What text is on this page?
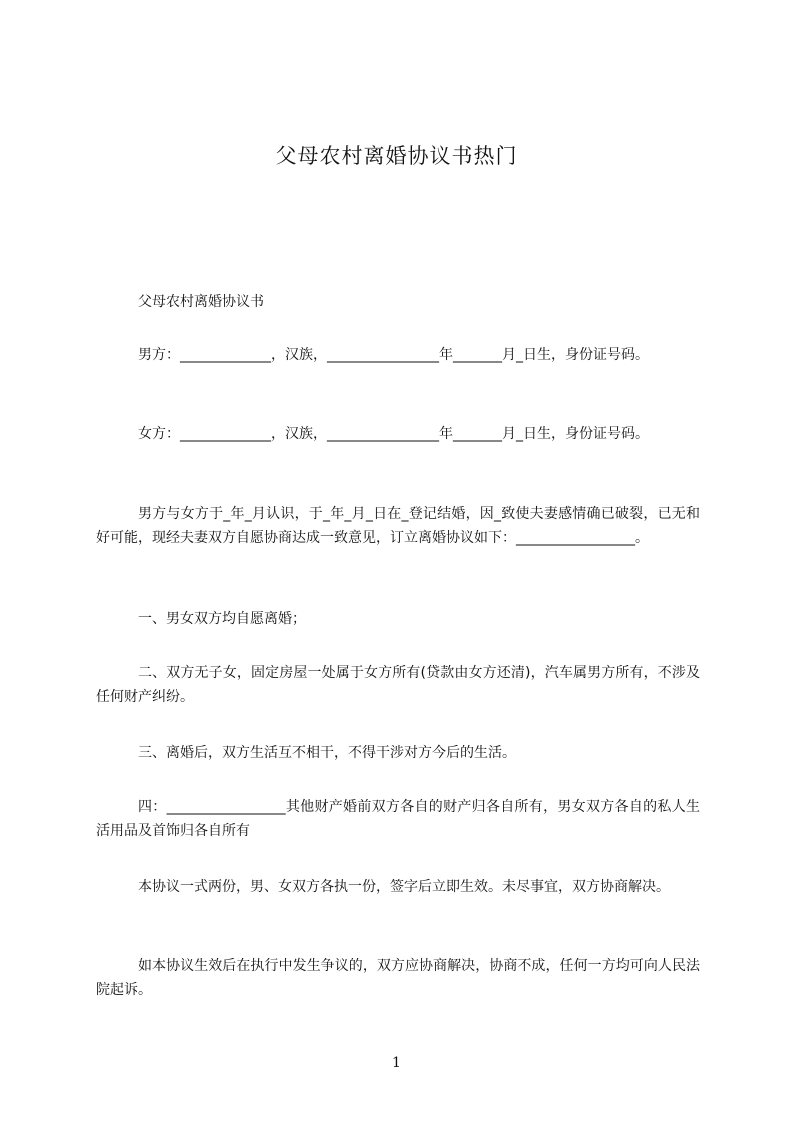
父母农村离婚协议书热门

父母农村离婚协议书

男方：_____________，汉族，________________年_______月_日生，身份证号码。

女方：_____________，汉族，________________年_______月_日生，身份证号码。

男方与女方于_年_月认识，于_年_月_日在_登记结婚，因_致使夫妻感情确已破裂，已无和好可能，现经夫妻双方自愿协商达成一致意见，订立离婚协议如下：_________________。

一、男女双方均自愿离婚；

二、双方无子女，固定房屋一处属于女方所有(贷款由女方还清)，汽车属男方所有，不涉及任何财产纠纷。

三、离婚后，双方生活互不相干，不得干涉对方今后的生活。

四：_________________其他财产婚前双方各自的财产归各自所有，男女双方各自的私人生活用品及首饰归各自所有

本协议一式两份，男、女双方各执一份，签字后立即生效。未尽事宜，双方协商解决。

如本协议生效后在执行中发生争议的，双方应协商解决，协商不成，任何一方均可向人民法院起诉。

1
